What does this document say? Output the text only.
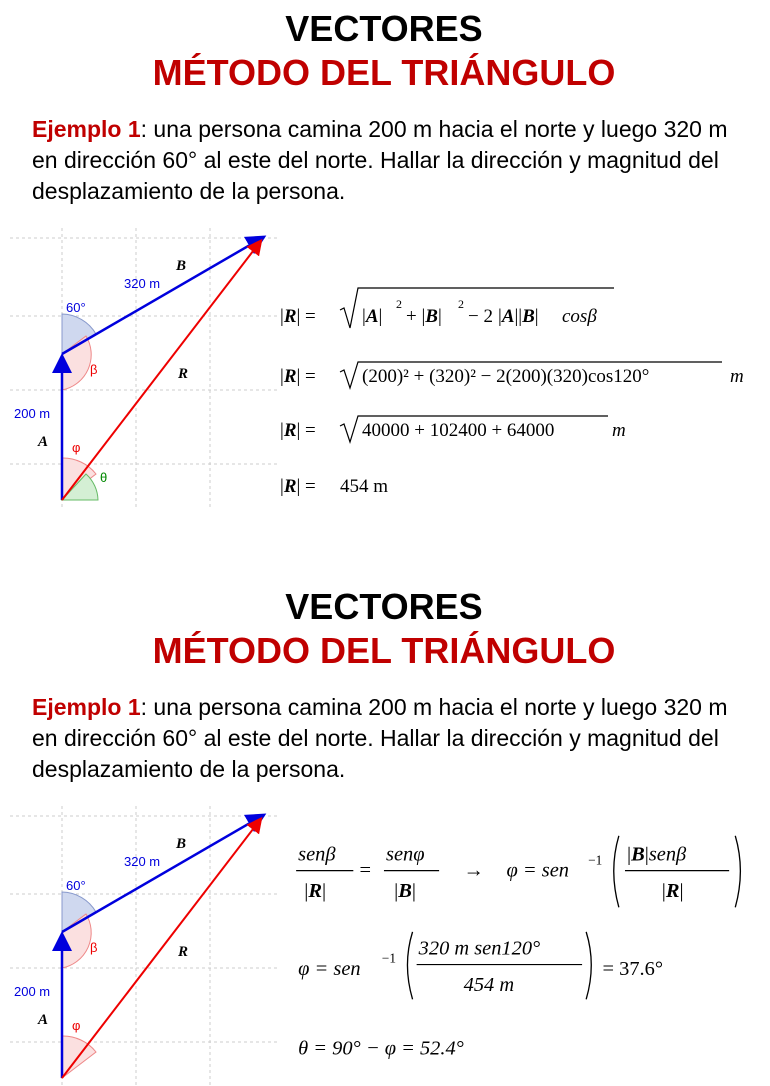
VECTORES
MÉTODO DEL TRIÁNGULO
Ejemplo 1: una persona camina 200 m hacia el norte y luego 320 m en dirección 60° al este del norte. Hallar la dirección y magnitud del desplazamiento de la persona.
B
320 m
60°
β	R
200 m
A φ
θ
|R| = |A|
2
+ |B|
2
− 2 |A||B| cosβ
|R| = (200)² + (320)² − 2(200)(320)cos120°	m
|R| = 40000 + 102400 + 64000	m
|R| = 454 m
VECTORES
MÉTODO DEL TRIÁNGULO
Ejemplo 1: una persona camina 200 m hacia el norte y luego 320 m en dirección 60° al este del norte. Hallar la dirección y magnitud del desplazamiento de la persona.
B
320 m
60°
β	R
200 m
A φ
senβ
|R|
=
senφ
|B|
→ φ = sen −1 |B|senβ
|R|
φ = sen −1 320 m sen120°
454 m
= 37.6°
θ = 90° − φ = 52.4°
